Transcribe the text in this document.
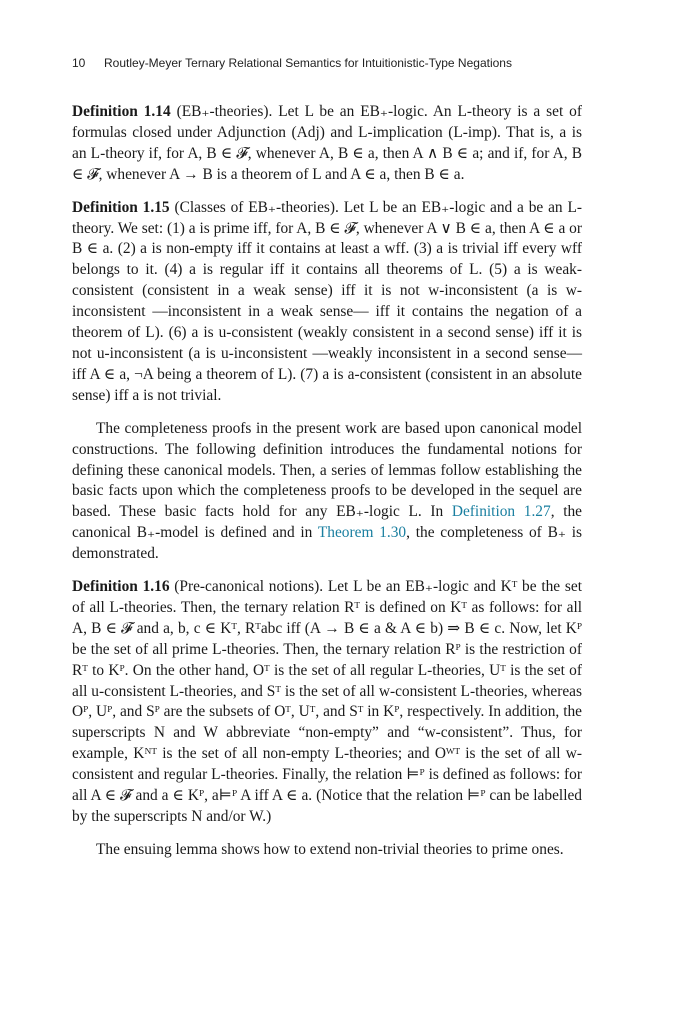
10 Routley-Meyer Ternary Relational Semantics for Intuitionistic-Type Negations

Definition 1.14 (EB₊-theories). Let L be an EB₊-logic. An L-theory is a set of formulas closed under Adjunction (Adj) and L-implication (L-imp). That is, a is an L-theory if, for A, B ∈ 𝓕, whenever A, B ∈ a, then A ∧ B ∈ a; and if, for A, B ∈ 𝓕, whenever A → B is a theorem of L and A ∈ a, then B ∈ a.

Definition 1.15 (Classes of EB₊-theories). Let L be an EB₊-logic and a be an L-theory. We set: (1) a is prime iff, for A, B ∈ 𝓕, whenever A ∨ B ∈ a, then A ∈ a or B ∈ a. (2) a is non-empty iff it contains at least a wff. (3) a is trivial iff every wff belongs to it. (4) a is regular iff it contains all theorems of L. (5) a is weak-consistent (consistent in a weak sense) iff it is not w-inconsistent (a is w-inconsistent —inconsistent in a weak sense— iff it contains the negation of a theorem of L). (6) a is u-consistent (weakly consistent in a second sense) iff it is not u-inconsistent (a is u-inconsistent —weakly inconsistent in a second sense— iff A ∈ a, ¬A being a theorem of L). (7) a is a-consistent (consistent in an absolute sense) iff a is not trivial.

The completeness proofs in the present work are based upon canonical model constructions. The following definition introduces the fundamental notions for defining these canonical models. Then, a series of lemmas follow establishing the basic facts upon which the completeness proofs to be developed in the sequel are based. These basic facts hold for any EB₊-logic L. In Definition 1.27, the canonical B₊-model is defined and in Theorem 1.30, the completeness of B₊ is demonstrated.

Definition 1.16 (Pre-canonical notions). Let L be an EB₊-logic and Kᵀ be the set of all L-theories. Then, the ternary relation Rᵀ is defined on Kᵀ as follows: for all A, B ∈ 𝓕 and a, b, c ∈ Kᵀ, Rᵀabc iff (A → B ∈ a & A ∈ b) ⇒ B ∈ c. Now, let Kᴾ be the set of all prime L-theories. Then, the ternary relation Rᴾ is the restriction of Rᵀ to Kᴾ. On the other hand, Oᵀ is the set of all regular L-theories, Uᵀ is the set of all u-consistent L-theories, and Sᵀ is the set of all w-consistent L-theories, whereas Oᴾ, Uᴾ, and Sᴾ are the subsets of Oᵀ, Uᵀ, and Sᵀ in Kᴾ, respectively. In addition, the superscripts N and W abbreviate “non-empty” and “w-consistent”. Thus, for example, Kᴺᵀ is the set of all non-empty L-theories; and Oᵂᵀ is the set of all w-consistent and regular L-theories. Finally, the relation ⊨ᴾ is defined as follows: for all A ∈ 𝓕 and a ∈ Kᴾ, a⊨ᴾ A iff A ∈ a. (Notice that the relation ⊨ᴾ can be labelled by the superscripts N and/or W.)

The ensuing lemma shows how to extend non-trivial theories to prime ones.
